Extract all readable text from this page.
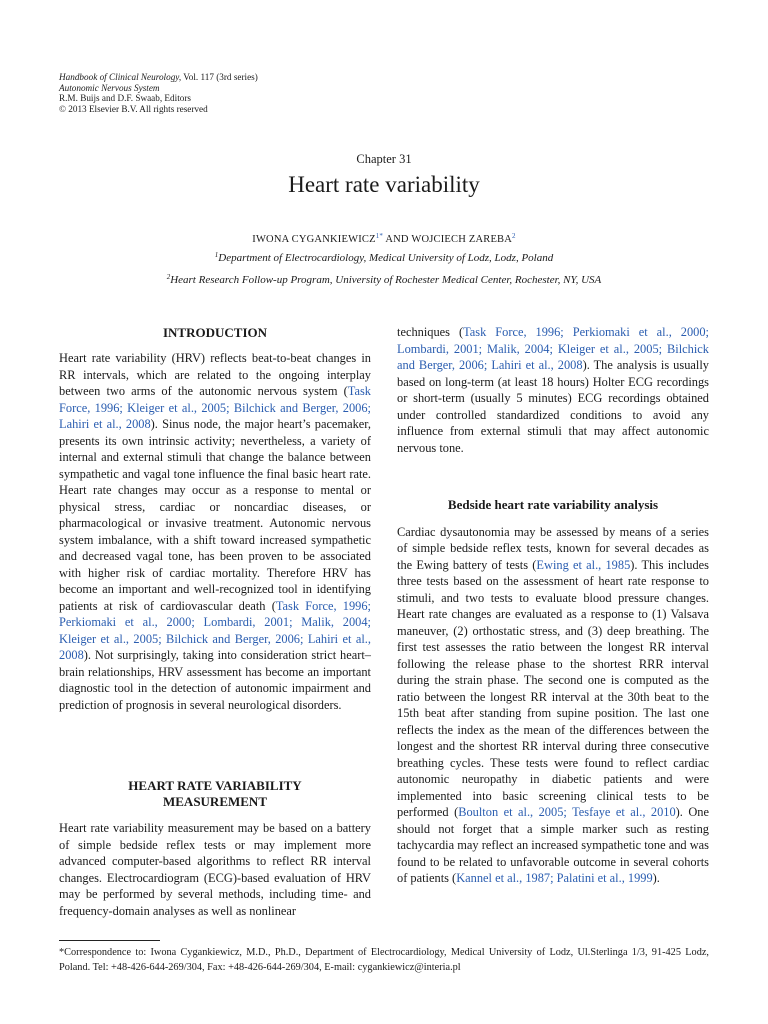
Handbook of Clinical Neurology, Vol. 117 (3rd series)
Autonomic Nervous System
R.M. Buijs and D.F. Swaab, Editors
© 2013 Elsevier B.V. All rights reserved
Chapter 31
Heart rate variability
IWONA $CYGANKIEWICZ^{1*}$ AND WOJCIECH ZAREBA$^2$
$^1$Department of Electrocardiology, Medical University of Lodz, Lodz, Poland
$^2$Heart Research Follow-up Program, University of Rochester Medical Center, Rochester, NY, USA
INTRODUCTION

Heart rate variability (HRV) reflects beat-to-beat changes in RR intervals, which are related to the ongoing interplay between two arms of the autonomic nervous system (Task Force, 1996; Kleiger et al., 2005; Bilchick and Berger, 2006; Lahiri et al., 2008). Sinus node, the major heart’s pacemaker, presents its own intrinsic activity; nevertheless, a variety of internal and external stimuli that change the balance between sympathetic and vagal tone influence the final basic heart rate. Heart rate changes may occur as a response to mental or physical stress, cardiac or noncardiac diseases, or pharmacological or invasive treatment. Autonomic nervous system imbalance, with a shift toward increased sympathetic and decreased vagal tone, has been proven to be associated with higher risk of cardiac mortality. Therefore HRV has become an important and well-recognized tool in identifying patients at risk of cardiovascular death (Task Force, 1996; Perkiomaki et al., 2000; Lombardi, 2001; Malik, 2004; Kleiger et al., 2005; Bilchick and Berger, 2006; Lahiri et al., 2008). Not surprisingly, taking into consideration strict heart–brain relationships, HRV assessment has become an important diagnostic tool in the detection of autonomic impairment and prediction of prognosis in several neurological disorders.

HEART RATE VARIABILITY
MEASUREMENT

Heart rate variability measurement may be based on a battery of simple bedside reflex tests or may implement more advanced computer-based algorithms to reflect RR interval changes. Electrocardiogram (ECG)-based evaluation of HRV may be performed by several methods, including time- and frequency-domain analyses as well as nonlinear

techniques (Task Force, 1996; Perkiomaki et al., 2000; Lombardi, 2001; Malik, 2004; Kleiger et al., 2005; Bilchick and Berger, 2006; Lahiri et al., 2008). The analysis is usually based on long-term (at least 18 hours) Holter ECG recordings or short-term (usually 5 minutes) ECG recordings obtained under controlled standardized conditions to avoid any influence from external stimuli that may affect autonomic nervous tone.

Bedside heart rate variability analysis

Cardiac dysautonomia may be assessed by means of a series of simple bedside reflex tests, known for several decades as the Ewing battery of tests (Ewing et al., 1985). This includes three tests based on the assessment of heart rate response to stimuli, and two tests to evaluate blood pressure changes. Heart rate changes are evaluated as a response to (1) Valsava maneuver, (2) orthostatic stress, and (3) deep breathing. The first test assesses the ratio between the longest RR interval following the release phase to the shortest RRR interval during the strain phase. The second one is computed as the ratio between the longest RR interval at the 30th beat to the 15th beat after standing from supine position. The last one reflects the index as the mean of the differences between the longest and the shortest RR interval during three consecutive breathing cycles. These tests were found to reflect cardiac autonomic neuropathy in diabetic patients and were implemented into basic screening clinical tests to be performed (Boulton et al., 2005; Tesfaye et al., 2010). One should not forget that a simple marker such as resting tachycardia may reflect an increased sympathetic tone and was found to be related to unfavorable outcome in several cohorts of patients (Kannel et al., 1987; Palatini et al., 1999).

*Correspondence to: Iwona Cygankiewicz, M.D., Ph.D., Department of Electrocardiology, Medical University of Lodz, Ul.Sterlinga 1/3, 91-425 Lodz, Poland. Tel: +48-426-644-269/304, Fax: +48-426-644-269/304, E-mail: cygankiewicz@interia.pl
